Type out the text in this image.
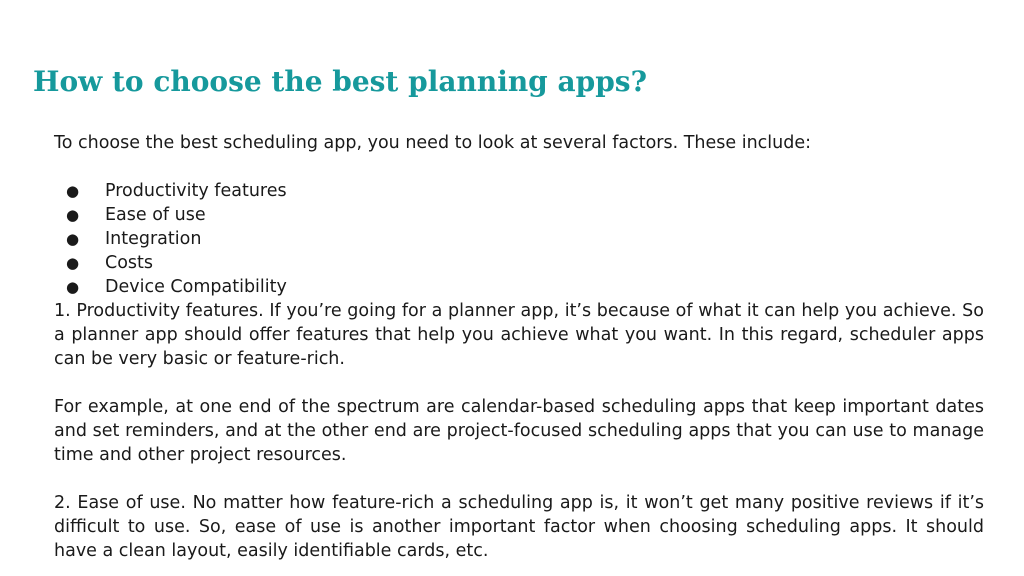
How to choose the best planning apps?

To choose the best scheduling app, you need to look at several factors. These include:

● Productivity features
● Ease of use
● Integration
● Costs
● Device Compatibility

1. Productivity features. If you’re going for a planner app, it’s because of what it can help you achieve. So a planner app should offer features that help you achieve what you want. In this regard, scheduler apps can be very basic or feature-rich.

For example, at one end of the spectrum are calendar-based scheduling apps that keep important dates and set reminders, and at the other end are project-focused scheduling apps that you can use to manage time and other project resources.

2. Ease of use. No matter how feature-rich a scheduling app is, it won’t get many positive reviews if it’s difficult to use. So, ease of use is another important factor when choosing scheduling apps. It should have a clean layout, easily identifiable cards, etc.
